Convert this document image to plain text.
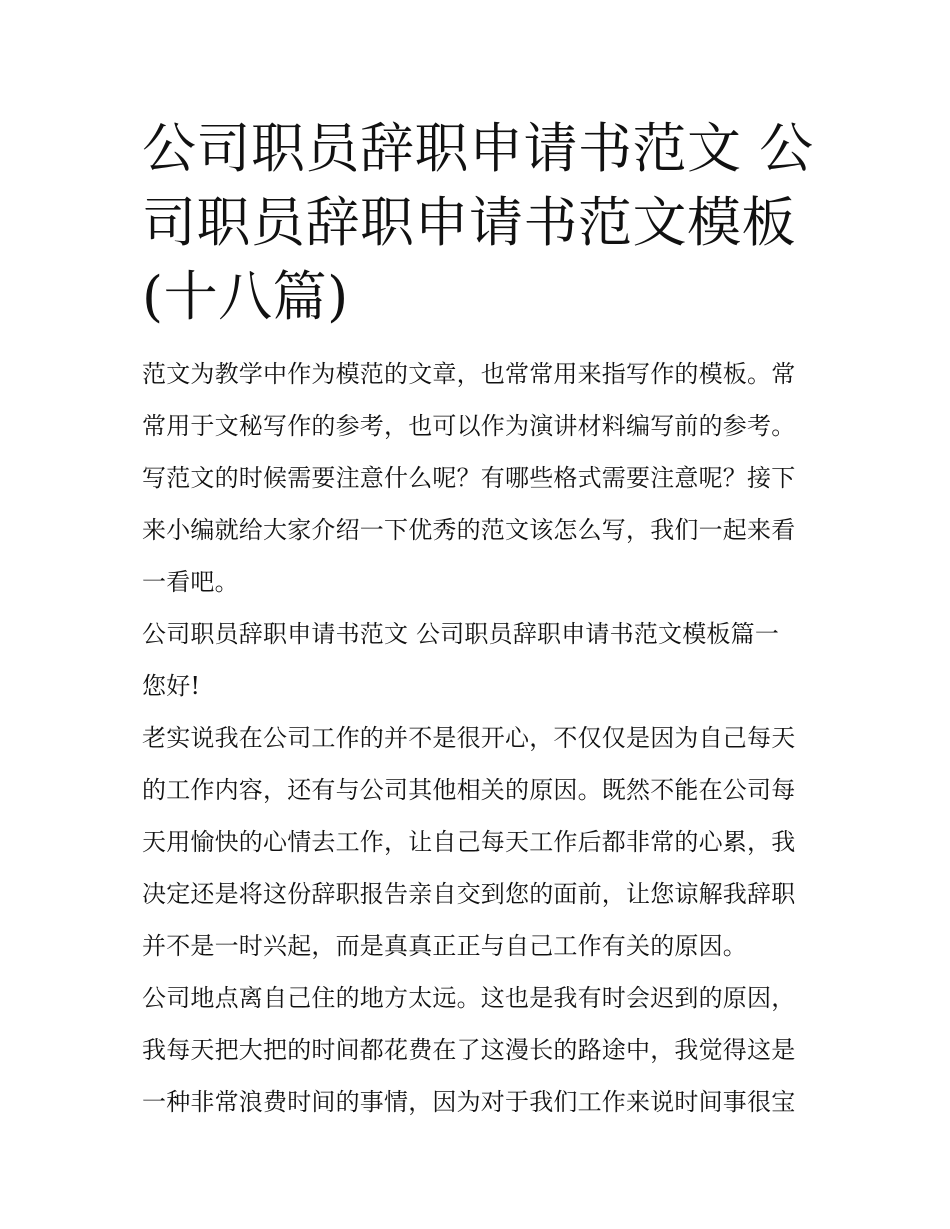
公司职员辞职申请书范文 公司职员辞职申请书范文模板(十八篇)

范文为教学中作为模范的文章，也常常用来指写作的模板。常常用于文秘写作的参考，也可以作为演讲材料编写前的参考。写范文的时候需要注意什么呢？有哪些格式需要注意呢？接下来小编就给大家介绍一下优秀的范文该怎么写，我们一起来看一看吧。

公司职员辞职申请书范文 公司职员辞职申请书范文模板篇一

您好!

老实说我在公司工作的并不是很开心，不仅仅是因为自己每天的工作内容，还有与公司其他相关的原因。既然不能在公司每天用愉快的心情去工作，让自己每天工作后都非常的心累，我决定还是将这份辞职报告亲自交到您的面前，让您谅解我辞职并不是一时兴起，而是真真正正与自己工作有关的原因。

公司地点离自己住的地方太远。这也是我有时会迟到的原因，我每天把大把的时间都花费在了这漫长的路途中，我觉得这是一种非常浪费时间的事情，因为对于我们工作来说时间事很宝
